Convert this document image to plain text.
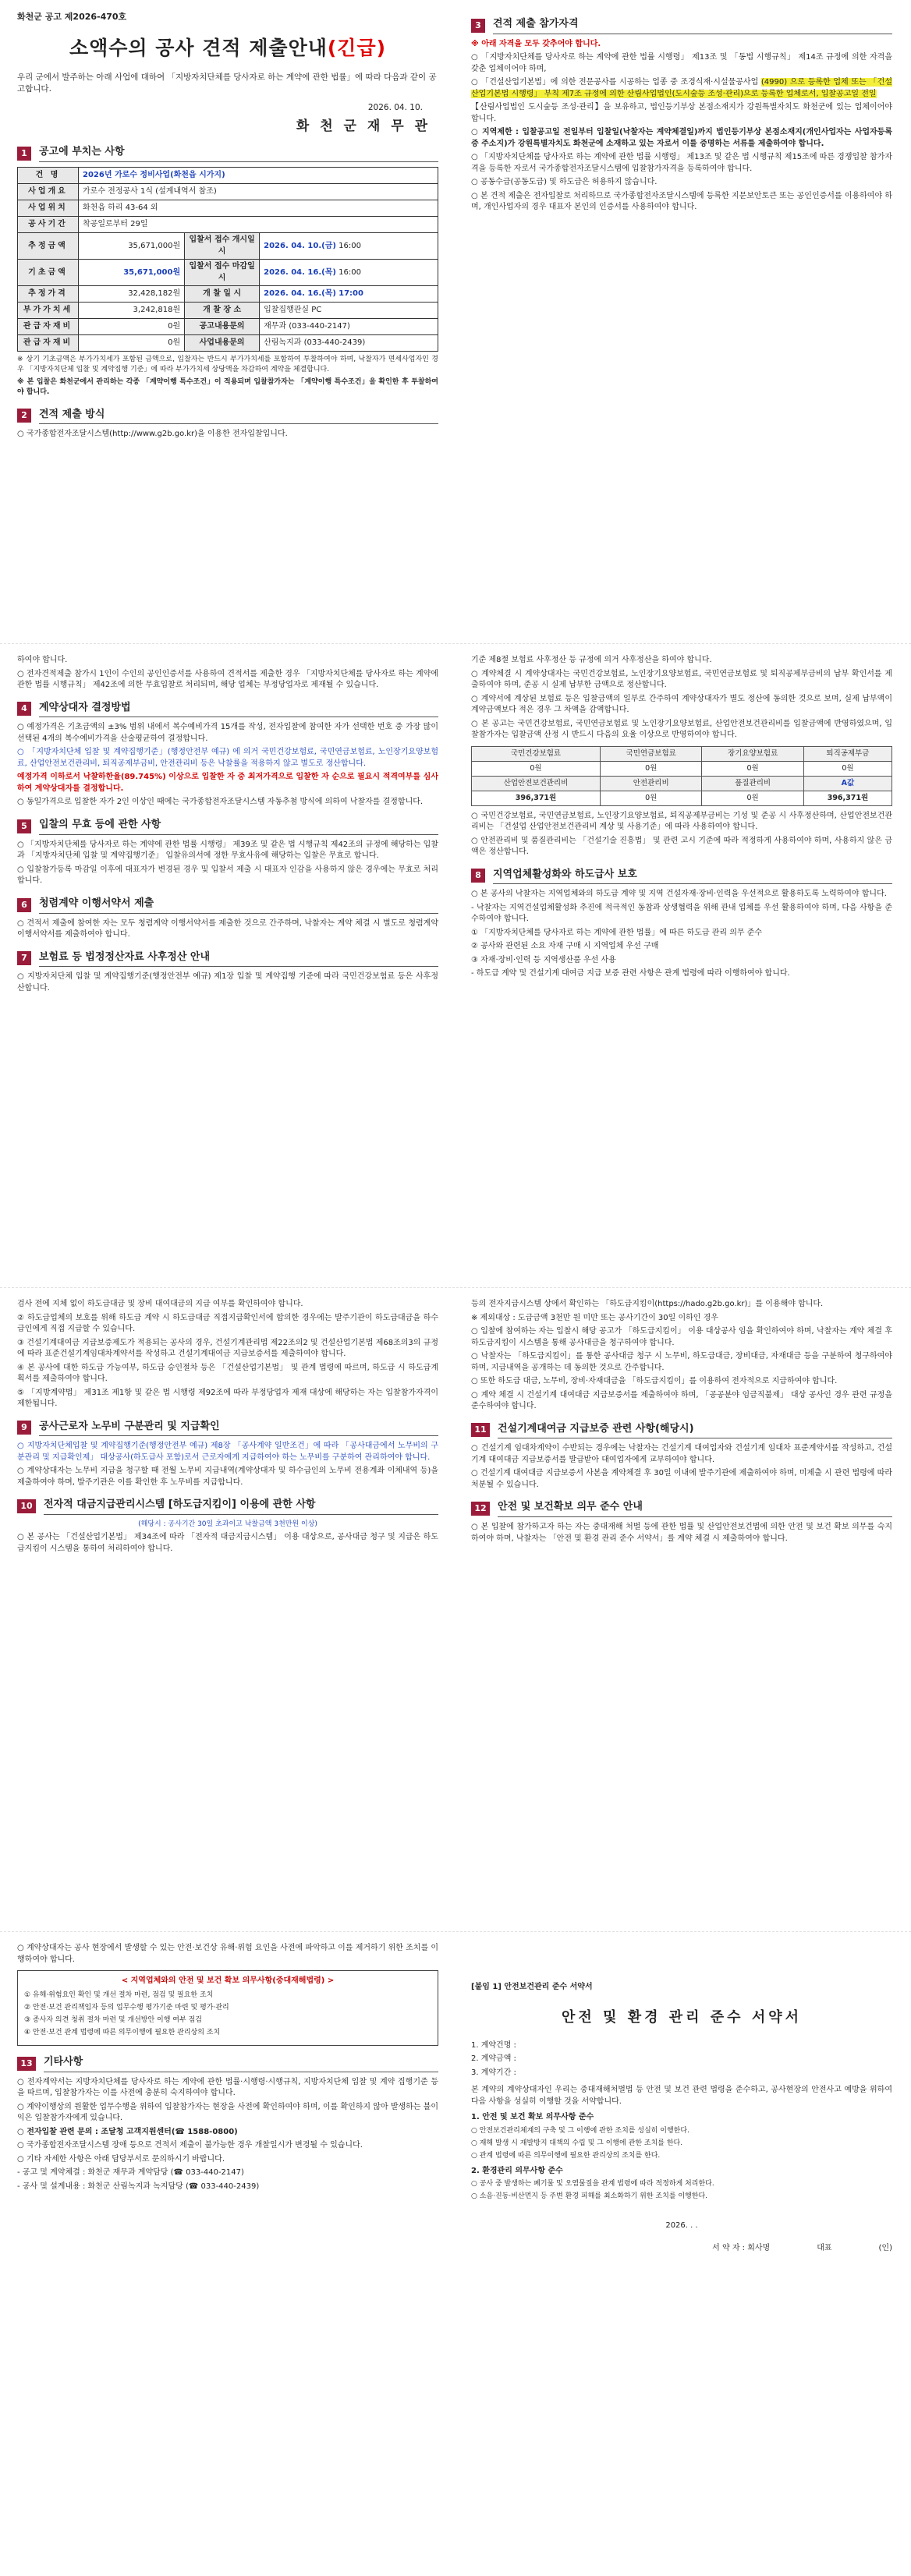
화천군 공고 제2026-470호
소액수의 공사 견적 제출안내(긴급)

우리 군에서 발주하는 아래 사업에 대하여 「지방자치단체를 당사자로 하는 계약에 관한 법률」에 따라 다음과 같이 공고합니다.

2026. 04. 10.
화 천 군 재 무 관
1	공고에 부치는 사항
건 명	2026년 가로수 정비사업(화천읍 시가지)		
사업개요	가로수 전정공사 1식 (설계내역서 참조)		
사업위치	화천읍 하리 43-64 외		
공사기간	착공일로부터 29일		
추정금액	35,671,000원	입찰서 접수 개시일시	2026. 04. 10.(금) 16:00
기초금액	35,671,000원	입찰서 접수 마감일시	2026. 04. 16.(목) 16:00
추정가격	32,428,182원	개 찰 일 시	2026. 04. 16.(목) 17:00
부가가치세	3,242,818원	개 찰 장 소	입찰집행관실 PC
관급자재비	0원	공고내용문의	재무과 (033-440-2147)
관급자재비	0원	사업내용문의	산림녹지과 (033-440-2439)

※ 상기 기초금액은 부가가치세가 포함된 금액으로, 입찰자는 반드시 부가가치세를 포함하여 투찰하여야 하며, 낙찰자가 면세사업자인 경우 「지방자치단체 입찰 및 계약집행 기준」에 따라 부가가치세 상당액을 차감하여 계약을 체결합니다.

※ 본 입찰은 화천군에서 관리하는 각종 「계약이행 특수조건」이 적용되며 입찰참가자는 「계약이행 특수조건」을 확인한 후 투찰하여야 합니다.

2	견적 제출 방식

○ 국가종합전자조달시스템(http://www.g2b.go.kr)을 이용한 전자입찰입니다.

3	견적 제출 참가자격

※ 아래 자격을 모두 갖추어야 합니다.

○ 「지방자치단체를 당사자로 하는 계약에 관한 법률 시행령」 제13조 및 「동법 시행규칙」 제14조 규정에 의한 자격을 갖춘 업체이어야 하며,

○ 「건설산업기본법」에 의한 전문공사를 시공하는 업종 중 조경식재·시설물공사업 (4990) 으로 등록한 업체 또는 「건설산업기본법 시행령」 부칙 제7조 규정에 의한 산림사업법인(도시숲등 조성·관리)으로 등록한 업체로서, 입찰공고일 전일

【산림사업법인 도시숲등 조성·관리】을 보유하고, 법인등기부상 본점소재지가 강원특별자치도 화천군에 있는 업체이어야 합니다.

○ 지역제한 : 입찰공고일 전일부터 입찰일(낙찰자는 계약체결일)까지 법인등기부상 본점소재지(개인사업자는 사업자등록증 주소지)가 강원특별자치도 화천군에 소재하고 있는 자로서 이를 증명하는 서류를 제출하여야 합니다.

○ 「지방자치단체를 당사자로 하는 계약에 관한 법률 시행령」 제13조 및 같은 법 시행규칙 제15조에 따른 경쟁입찰 참가자격을 등록한 자로서 국가종합전자조달시스템에 입찰참가자격을 등록하여야 합니다.

○ 공동수급(공동도급) 및 하도급은 허용하지 않습니다.

○ 본 견적 제출은 전자입찰로 처리하므로 국가종합전자조달시스템에 등록한 지문보안토큰 또는 공인인증서를 이용하여야 하며, 개인사업자의 경우 대표자 본인의 인증서를 사용하여야 합니다.

하여야 합니다.

○ 전자견적제출 참가시 1인이 수인의 공인인증서를 사용하여 견적서를 제출한 경우 「지방자치단체를 당사자로 하는 계약에 관한 법률 시행규칙」 제42조에 의한 무효입찰로 처리되며, 해당 업체는 부정당업자로 제재될 수 있습니다.

4	계약상대자 결정방법

○ 예정가격은 기초금액의 ±3% 범위 내에서 복수예비가격 15개를 작성, 전자입찰에 참여한 자가 선택한 번호 중 가장 많이 선택된 4개의 복수예비가격을 산술평균하여 결정합니다.

○ 「지방자치단체 입찰 및 계약집행기준」(행정안전부 예규) 에 의거 국민건강보험료, 국민연금보험료, 노인장기요양보험료, 산업안전보건관리비, 퇴직공제부금비, 안전관리비 등은 낙찰률을 적용하지 않고 별도로 정산합니다.

예정가격 이하로서 낙찰하한율(89.745%) 이상으로 입찰한 자 중 최저가격으로 입찰한 자 순으로 필요시 적격여부를 심사하여 계약상대자를 결정합니다.

○ 동일가격으로 입찰한 자가 2인 이상인 때에는 국가종합전자조달시스템 자동추첨 방식에 의하여 낙찰자를 결정합니다.

5	입찰의 무효 등에 관한 사항

○ 「지방자치단체를 당사자로 하는 계약에 관한 법률 시행령」 제39조 및 같은 법 시행규칙 제42조의 규정에 해당하는 입찰과 「지방자치단체 입찰 및 계약집행기준」 입찰유의서에 정한 무효사유에 해당하는 입찰은 무효로 합니다.

○ 입찰참가등록 마감일 이후에 대표자가 변경된 경우 및 입찰서 제출 시 대표자 인감을 사용하지 않은 경우에는 무효로 처리합니다.

6	청렴계약 이행서약서 제출

○ 견적서 제출에 참여한 자는 모두 청렴계약 이행서약서를 제출한 것으로 간주하며, 낙찰자는 계약 체결 시 별도로 청렴계약 이행서약서를 제출하여야 합니다.

7	보험료 등 법정정산자료 사후정산 안내

○ 지방자치단체 입찰 및 계약집행기준(행정안전부 예규) 제1장 입찰 및 계약집행 기준에 따라 국민건강보험료 등은 사후정산합니다.

기준 제8절 보험료 사후정산 등 규정에 의거 사후정산을 하여야 합니다.

○ 계약체결 시 계약상대자는 국민건강보험료, 노인장기요양보험료, 국민연금보험료 및 퇴직공제부금비의 납부 확인서를 제출하여야 하며, 준공 시 실제 납부한 금액으로 정산합니다.

○ 계약서에 계상된 보험료 등은 입찰금액의 일부로 간주하여 계약상대자가 별도 정산에 동의한 것으로 보며, 실제 납부액이 계약금액보다 적은 경우 그 차액을 감액합니다.

○ 본 공고는 국민건강보험료, 국민연금보험료 및 노인장기요양보험료, 산업안전보건관리비를 입찰금액에 반영하였으며, 입찰참가자는 입찰금액 산정 시 반드시 다음의 요율 이상으로 반영하여야 합니다.

국민건강보험료	국민연금보험료	장기요양보험료	퇴직공제부금
0원	0원	0원	0원
산업안전보건관리비	안전관리비	품질관리비	A값
396,371원	0원	0원	396,371원

○ 국민건강보험료, 국민연금보험료, 노인장기요양보험료, 퇴직공제부금비는 기성 및 준공 시 사후정산하며, 산업안전보건관리비는 「건설업 산업안전보건관리비 계상 및 사용기준」에 따라 사용하여야 합니다.

○ 안전관리비 및 품질관리비는 「건설기술 진흥법」 및 관련 고시 기준에 따라 적정하게 사용하여야 하며, 사용하지 않은 금액은 정산합니다.

8	지역업체활성화와 하도급사 보호

○ 본 공사의 낙찰자는 지역업체와의 하도급 계약 및 지역 건설자재·장비·인력을 우선적으로 활용하도록 노력하여야 합니다.

- 낙찰자는 지역건설업체활성화 추진에 적극적인 동참과 상생협력을 위해 관내 업체를 우선 활용하여야 하며, 다음 사항을 준수하여야 합니다.

① 「지방자치단체를 당사자로 하는 계약에 관한 법률」에 따른 하도급 관리 의무 준수

② 공사와 관련된 소요 자재 구매 시 지역업체 우선 구매

③ 자재·장비·인력 등 지역생산품 우선 사용

- 하도급 계약 및 건설기계 대여금 지급 보증 관련 사항은 관계 법령에 따라 이행하여야 합니다.

검사 전에 지체 없이 하도급대금 및 장비 대여대금의 지급 여부를 확인하여야 합니다.

② 하도급업체의 보호를 위해 하도급 계약 시 하도급대금 직접지급확인서에 합의한 경우에는 발주기관이 하도급대금을 하수급인에게 직접 지급할 수 있습니다.

③ 건설기계대여금 지급보증제도가 적용되는 공사의 경우, 건설기계관리법 제22조의2 및 건설산업기본법 제68조의3의 규정에 따라 표준건설기계임대차계약서를 작성하고 건설기계대여금 지급보증서를 제출하여야 합니다.

④ 본 공사에 대한 하도급 가능여부, 하도급 승인절차 등은 「건설산업기본법」 및 관계 법령에 따르며, 하도급 시 하도급계획서를 제출하여야 합니다.

⑤ 「지방계약법」 제31조 제1항 및 같은 법 시행령 제92조에 따라 부정당업자 제재 대상에 해당하는 자는 입찰참가자격이 제한됩니다.

9	공사근로자 노무비 구분관리 및 지급확인

○ 지방자치단체입찰 및 계약집행기준(행정안전부 예규) 제8장 「공사계약 일반조건」에 따라 「공사대금에서 노무비의 구분관리 및 지급확인제」 대상공사(하도급사 포함)로서 근로자에게 지급하여야 하는 노무비를 구분하여 관리하여야 합니다.

○ 계약상대자는 노무비 지급을 청구할 때 전월 노무비 지급내역(계약상대자 및 하수급인의 노무비 전용계좌 이체내역 등)을 제출하여야 하며, 발주기관은 이를 확인한 후 노무비를 지급합니다.

10	전자적 대금지급관리시스템 [하도급지킴이] 이용에 관한 사항

(해당시 : 공사기간 30일 초과이고 낙찰금액 3천만원 이상)

○ 본 공사는 「건설산업기본법」 제34조에 따라 「전자적 대금지급시스템」 이용 대상으로, 공사대금 청구 및 지급은 하도급지킴이 시스템을 통하여 처리하여야 합니다.

등의 전자지급시스템 상에서 확인하는 「하도급지킴이(https://hado.g2b.go.kr)」를 이용해야 합니다.

※ 제외대상 : 도급금액 3천만 원 미만 또는 공사기간이 30일 이하인 경우

○ 입찰에 참여하는 자는 입찰시 해당 공고가 「하도급지킴이」 이용 대상공사 임을 확인하여야 하며, 낙찰자는 계약 체결 후 하도급지킴이 시스템을 통해 공사대금을 청구하여야 합니다.

○ 낙찰자는 「하도급지킴이」를 통한 공사대금 청구 시 노무비, 하도급대금, 장비대금, 자재대금 등을 구분하여 청구하여야 하며, 지급내역을 공개하는 데 동의한 것으로 간주합니다.

○ 또한 하도급 대금, 노무비, 장비·자재대금을 「하도급지킴이」를 이용하여 전자적으로 지급하여야 합니다.

○ 계약 체결 시 건설기계 대여대금 지급보증서를 제출하여야 하며, 「공공분야 임금직불제」 대상 공사인 경우 관련 규정을 준수하여야 합니다.

11	건설기계대여금 지급보증 관련 사항(해당시)

○ 건설기계 임대차계약이 수반되는 경우에는 낙찰자는 건설기계 대여업자와 건설기계 임대차 표준계약서를 작성하고, 건설기계 대여대금 지급보증서를 발급받아 대여업자에게 교부하여야 합니다.

○ 건설기계 대여대금 지급보증서 사본을 계약체결 후 30일 이내에 발주기관에 제출하여야 하며, 미제출 시 관련 법령에 따라 처분될 수 있습니다.

12	안전 및 보건확보 의무 준수 안내

○ 본 입찰에 참가하고자 하는 자는 중대재해 처벌 등에 관한 법률 및 산업안전보건법에 의한 안전 및 보건 확보 의무를 숙지하여야 하며, 낙찰자는 「안전 및 환경 관리 준수 서약서」를 계약 체결 시 제출하여야 합니다.

○ 계약상대자는 공사 현장에서 발생할 수 있는 안전·보건상 유해·위험 요인을 사전에 파악하고 이를 제거하기 위한 조치를 이행하여야 합니다.

< 지역업체와의 안전 및 보건 확보 의무사항(중대재해법령) >

① 유해·위험요인 확인 및 개선 절차 마련, 점검 및 필요한 조치

② 안전·보건 관리책임자 등의 업무수행 평가기준 마련 및 평가·관리

③ 종사자 의견 청취 절차 마련 및 개선방안 이행 여부 점검

④ 안전·보건 관계 법령에 따른 의무이행에 필요한 관리상의 조치

13	기타사항

○ 전자계약서는 지방자치단체를 당사자로 하는 계약에 관한 법률·시행령·시행규칙, 지방자치단체 입찰 및 계약 집행기준 등을 따르며, 입찰참가자는 이를 사전에 충분히 숙지하여야 합니다.

○ 계약이행상의 원활한 업무수행을 위하여 입찰참가자는 현장을 사전에 확인하여야 하며, 이를 확인하지 않아 발생하는 불이익은 입찰참가자에게 있습니다.

○ 전자입찰 관련 문의 : 조달청 고객지원센터(☎ 1588-0800)

○ 국가종합전자조달시스템 장애 등으로 견적서 제출이 불가능한 경우 개찰일시가 변경될 수 있습니다.

○ 기타 자세한 사항은 아래 담당부서로 문의하시기 바랍니다.

- 공고 및 계약체결 : 화천군 재무과 계약담당 (☎ 033-440-2147)

- 공사 및 설계내용 : 화천군 산림녹지과 녹지담당 (☎ 033-440-2439)

[붙임 1] 안전보건관리 준수 서약서

안전 및 환경 관리 준수 서약서

1. 계약건명 :

2. 계약금액 :

3. 계약기간 :

본 계약의 계약상대자인 우리는 중대재해처벌법 등 안전 및 보건 관련 법령을 준수하고, 공사현장의 안전사고 예방을 위하여 다음 사항을 성실히 이행할 것을 서약합니다.

1. 안전 및 보건 확보 의무사항 준수

○ 안전보건관리체계의 구축 및 그 이행에 관한 조치를 성실히 이행한다.

○ 재해 발생 시 재발방지 대책의 수립 및 그 이행에 관한 조치를 한다.

○ 관계 법령에 따른 의무이행에 필요한 관리상의 조치를 한다.

2. 환경관리 의무사항 준수

○ 공사 중 발생하는 폐기물 및 오염물질을 관계 법령에 따라 적정하게 처리한다.

○ 소음·진동·비산먼지 등 주변 환경 피해를 최소화하기 위한 조치를 이행한다.

2026. . .

서 약 자 : 회사명	대표	(인)
